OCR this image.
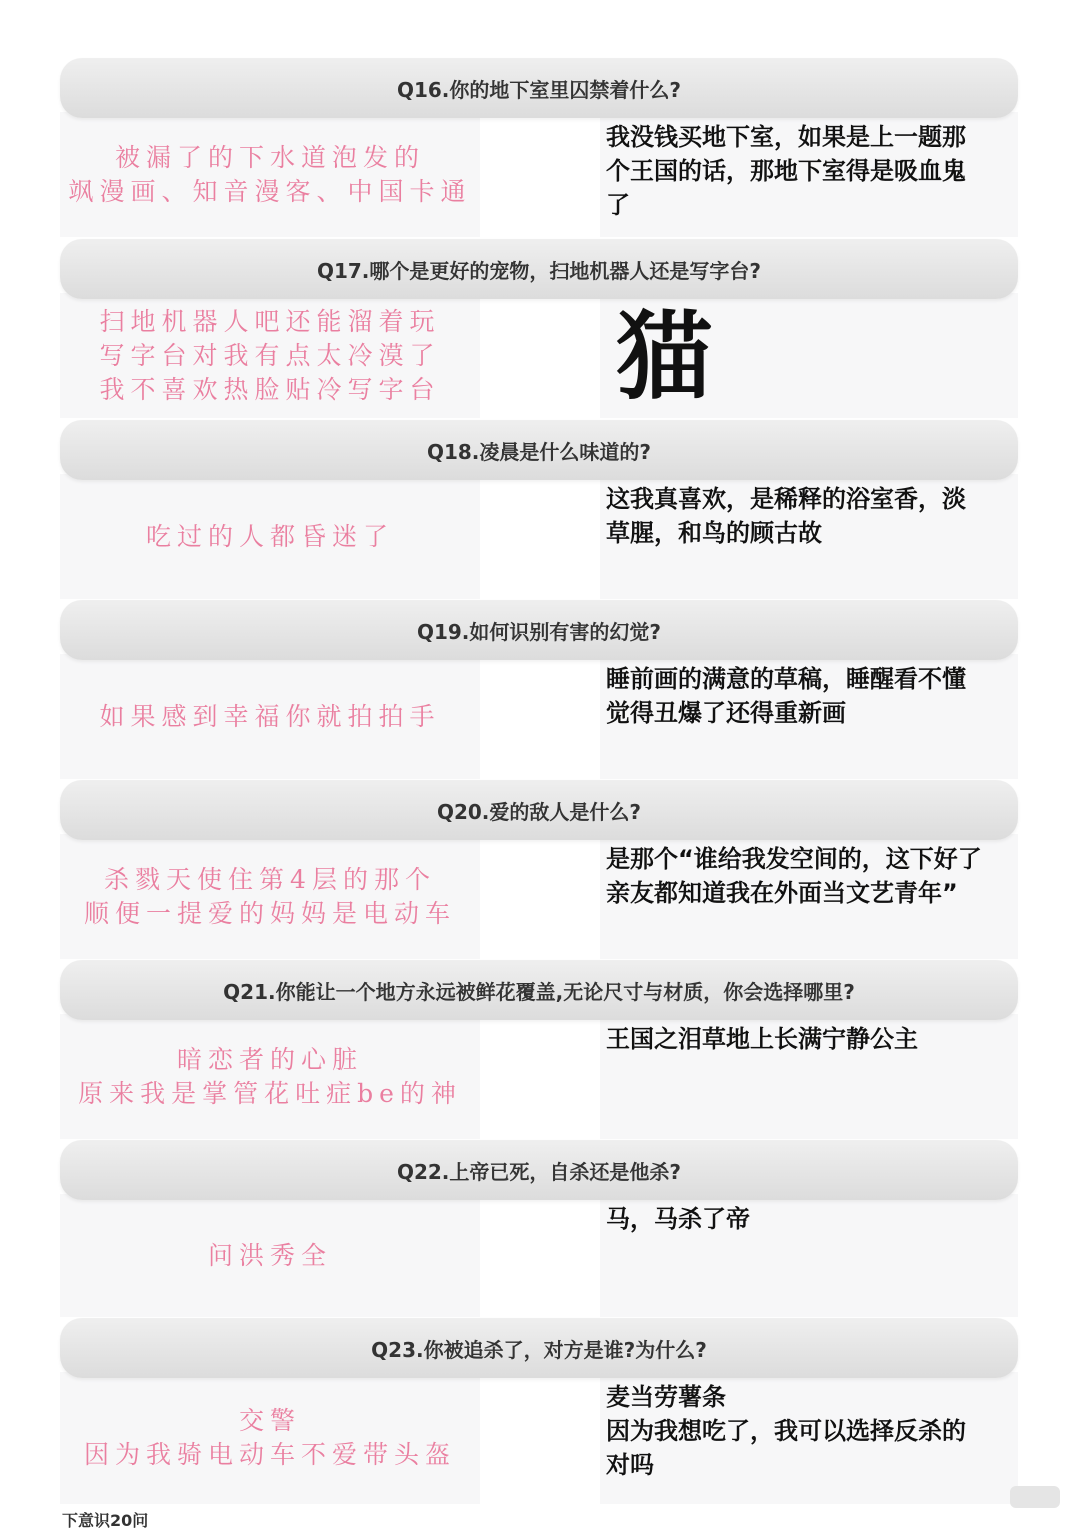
Q16.你的地下室里囚禁着什么?
被漏了的下水道泡发的
飒漫画、知音漫客、中国卡通
我没钱买地下室，如果是上一题那
个王国的话，那地下室得是吸血鬼
了
Q17.哪个是更好的宠物，扫地机器人还是写字台?
扫地机器人吧还能溜着玩
写字台对我有点太冷漠了
我不喜欢热脸贴冷写字台 猫
Q18.凌晨是什么味道的?
吃过的人都昏迷了
这我真喜欢，是稀释的浴室香，淡
草腥，和鸟的顾古故
Q19.如何识别有害的幻觉?
如果感到幸福你就拍拍手
睡前画的满意的草稿，睡醒看不懂
觉得丑爆了还得重新画
Q20.爱的敌人是什么?
杀戮天使住第4层的那个
顺便一提爱的妈妈是电动车
是那个“谁给我发空间的，这下好了
亲友都知道我在外面当文艺青年”
Q21.你能让一个地方永远被鲜花覆盖,无论尺寸与材质，你会选择哪里?
暗恋者的心脏
原来我是掌管花吐症be的神
王国之泪草地上长满宁静公主
Q22.上帝已死，自杀还是他杀?
问洪秀全
马，马杀了帝
Q23.你被追杀了，对方是谁?为什么?
交警
因为我骑电动车不爱带头盔
麦当劳薯条
因为我想吃了，我可以选择反杀的
对吗
下意识20问
